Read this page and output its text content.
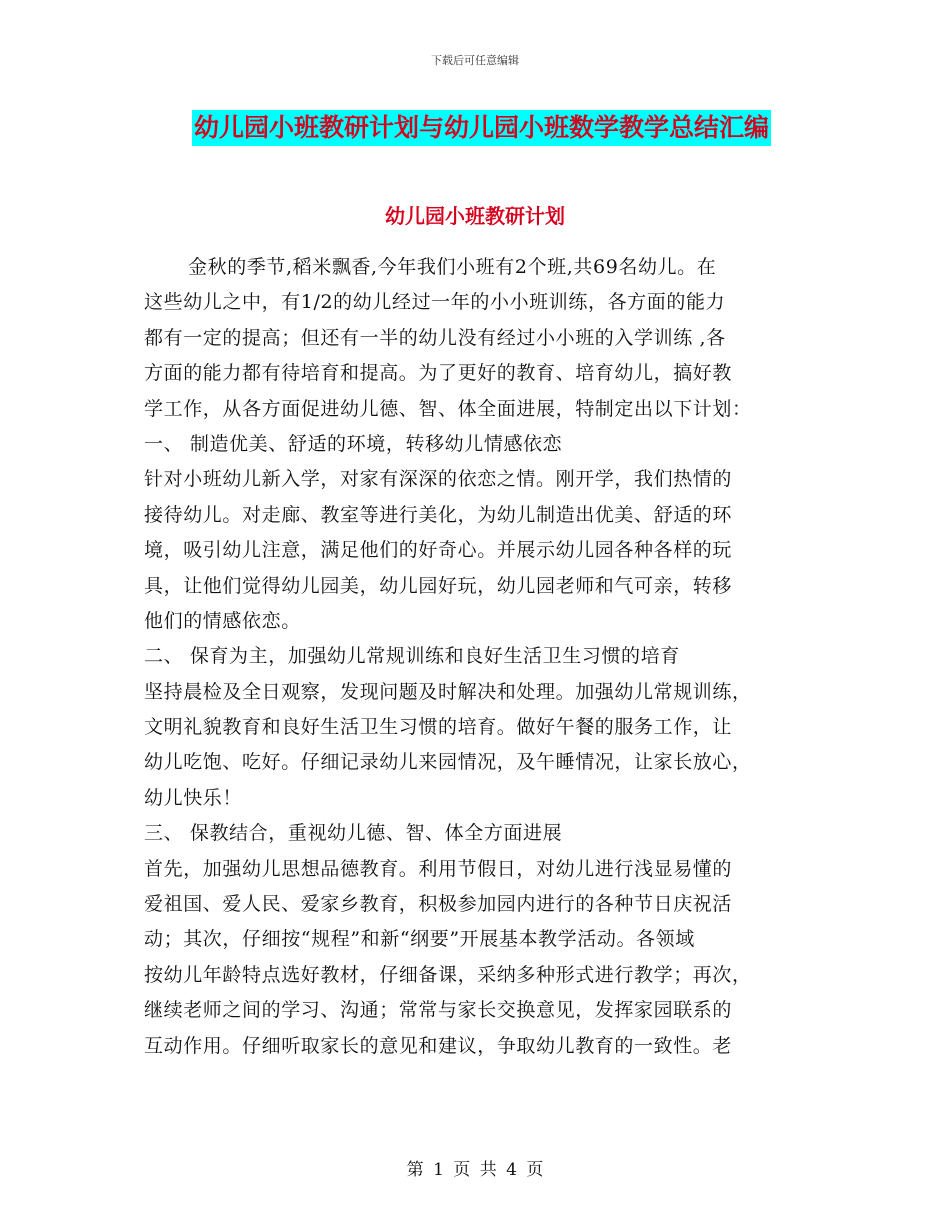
下载后可任意编辑
幼儿园小班教研计划与幼儿园小班数学教学总结汇编
幼儿园小班教研计划
金秋的季节,稻米飘香,今年我们小班有2个班,共69名幼儿。在
这些幼儿之中，有1/2的幼儿经过一年的小小班训练，各方面的能力
都有一定的提高；但还有一半的幼儿没有经过小小班的入学训练 ,各
方面的能力都有待培育和提高。为了更好的教育、培育幼儿，搞好教
学工作，从各方面促进幼儿德、智、体全面进展，特制定出以下计划：
一、 制造优美、舒适的环境，转移幼儿情感依恋
针对小班幼儿新入学，对家有深深的依恋之情。刚开学，我们热情的
接待幼儿。对走廊、教室等进行美化，为幼儿制造出优美、舒适的环
境，吸引幼儿注意，满足他们的好奇心。并展示幼儿园各种各样的玩
具，让他们觉得幼儿园美，幼儿园好玩，幼儿园老师和气可亲，转移
他们的情感依恋。
二、 保育为主，加强幼儿常规训练和良好生活卫生习惯的培育
坚持晨检及全日观察，发现问题及时解决和处理。加强幼儿常规训练，
文明礼貌教育和良好生活卫生习惯的培育。做好午餐的服务工作，让
幼儿吃饱、吃好。仔细记录幼儿来园情况，及午睡情况，让家长放心，
幼儿快乐！
三、 保教结合，重视幼儿德、智、体全方面进展
首先，加强幼儿思想品德教育。利用节假日，对幼儿进行浅显易懂的
爱祖国、爱人民、爱家乡教育，积极参加园内进行的各种节日庆祝活
动；其次，仔细按“规程”和新“纲要”开展基本教学活动。各领域
按幼儿年龄特点选好教材，仔细备课，采纳多种形式进行教学；再次，
继续老师之间的学习、沟通；常常与家长交换意见，发挥家园联系的
互动作用。仔细听取家长的意见和建议，争取幼儿教育的一致性。老
第 1 页 共 4 页
